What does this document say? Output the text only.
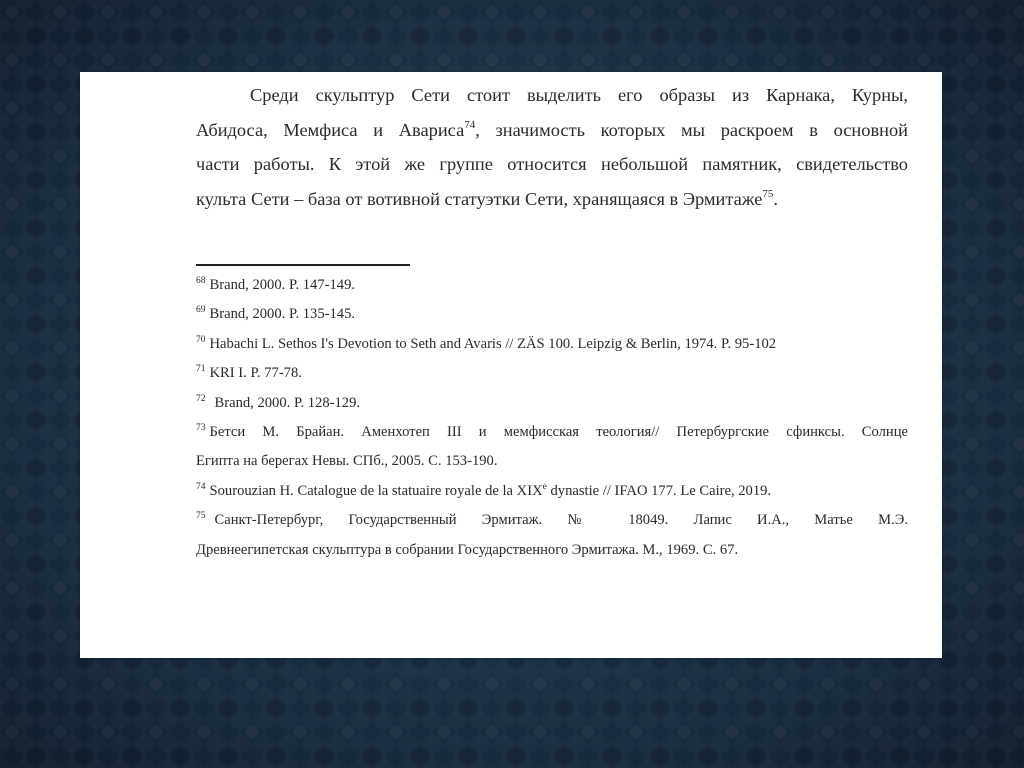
Среди скульптур Сети стоит выделить его образы из Карнака, Курны,
Абидоса, Мемфиса и Авариса$^{74}$, значимость которых мы раскроем в основной
части работы. К этой же группе относится небольшой памятник, свидетельство
культа Сети – база от вотивной статуэтки Сети, хранящаяся в Эрмитаже$^{75}$.
$^{68}$ Brand, 2000. P. 147-149.
$^{69}$ Brand, 2000. P. 135-145.
$^{70}$ Habachi L. Sethos I's Devotion to Seth and Avaris // ZÄS 100. Leipzig & Berlin, 1974. P. 95-102
$^{71}$ KRI I. P. 77-78.
$^{72}$ Brand, 2000. P. 128-129.
$^{73}$ Бетси М. Брайан. Аменхотеп III и мемфисская теология// Петербургские сфинксы. Солнце
Египта на берегах Невы. СПб., 2005. С. 153-190.
$^{74}$ Sourouzian H. Catalogue de la statuaire royale de la XIXe dynastie // IFAO 177. Le Caire, 2019.
$^{75}$ Санкт-Петербург, Государственный Эрмитаж. № 18049. Лапис И.А., Матье М.Э.
Древнеегипетская скульптура в собрании Государственного Эрмитажа. М., 1969. С. 67.
